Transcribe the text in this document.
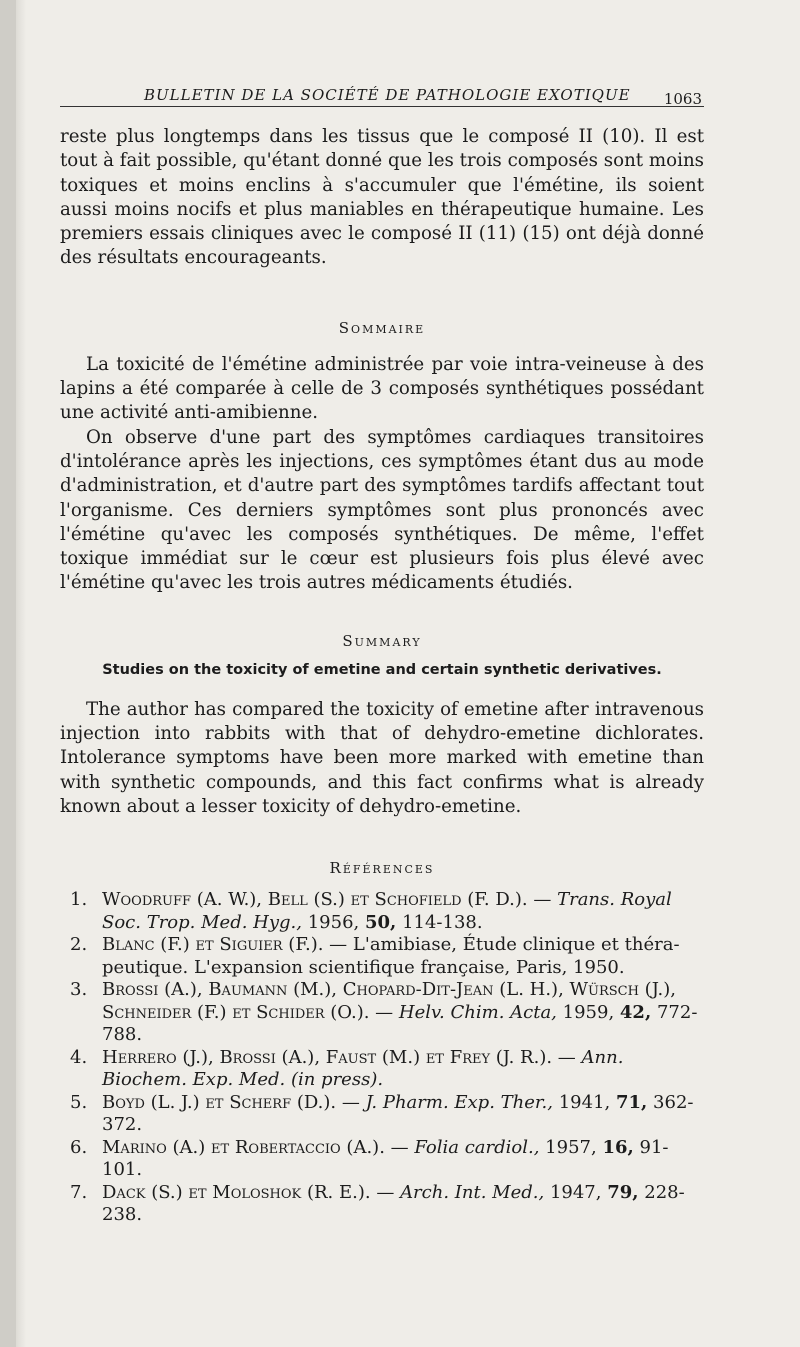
BULLETIN DE LA SOCIÉTÉ DE PATHOLOGIE EXOTIQUE 1063

reste plus longtemps dans les tissus que le composé II (10). Il est tout à fait possible, qu'étant donné que les trois composés sont moins toxiques et moins enclins à s'accumuler que l'émétine, ils soient aussi moins nocifs et plus maniables en thérapeutique humaine. Les premiers essais cliniques avec le composé II (11) (15) ont déjà donné des résultats encourageants.

Sommaire

La toxicité de l'émétine administrée par voie intra-veineuse à des lapins a été comparée à celle de 3 composés synthétiques possédant une activité anti-amibienne.

On observe d'une part des symptômes cardiaques transitoires d'intolérance après les injections, ces symptômes étant dus au mode d'administration, et d'autre part des symptômes tardifs affectant tout l'organisme. Ces derniers symptômes sont plus prononcés avec l'émétine qu'avec les composés synthétiques. De même, l'effet toxique immédiat sur le cœur est plusieurs fois plus élevé avec l'émétine qu'avec les trois autres médicaments étudiés.

Summary

Studies on the toxicity of emetine and certain synthetic derivatives.

The author has compared the toxicity of emetine after intravenous injection into rabbits with that of dehydro-emetine dichlorates. Intolerance symptoms have been more marked with emetine than with synthetic compounds, and this fact confirms what is already known about a lesser toxicity of dehydro-emetine.

Références

1. Woodruff (A. W.), Bell (S.) et Schofield (F. D.). — Trans. Royal Soc. Trop. Med. Hyg., 1956, 50, 114-138.
2. Blanc (F.) et Siguier (F.). — L'amibiase, Étude clinique et théra-peutique. L'expansion scientifique française, Paris, 1950.
3. Brossi (A.), Baumann (M.), Chopard-Dit-Jean (L. H.), Würsch (J.), Schneider (F.) et Schider (O.). — Helv. Chim. Acta, 1959, 42, 772-788.
4. Herrero (J.), Brossi (A.), Faust (M.) et Frey (J. R.). — Ann. Biochem. Exp. Med. (in press).
5. Boyd (L. J.) et Scherf (D.). — J. Pharm. Exp. Ther., 1941, 71, 362-372.
6. Marino (A.) et Robertaccio (A.). — Folia cardiol., 1957, 16, 91-101.
7. Dack (S.) et Moloshok (R. E.). — Arch. Int. Med., 1947, 79, 228-238.
